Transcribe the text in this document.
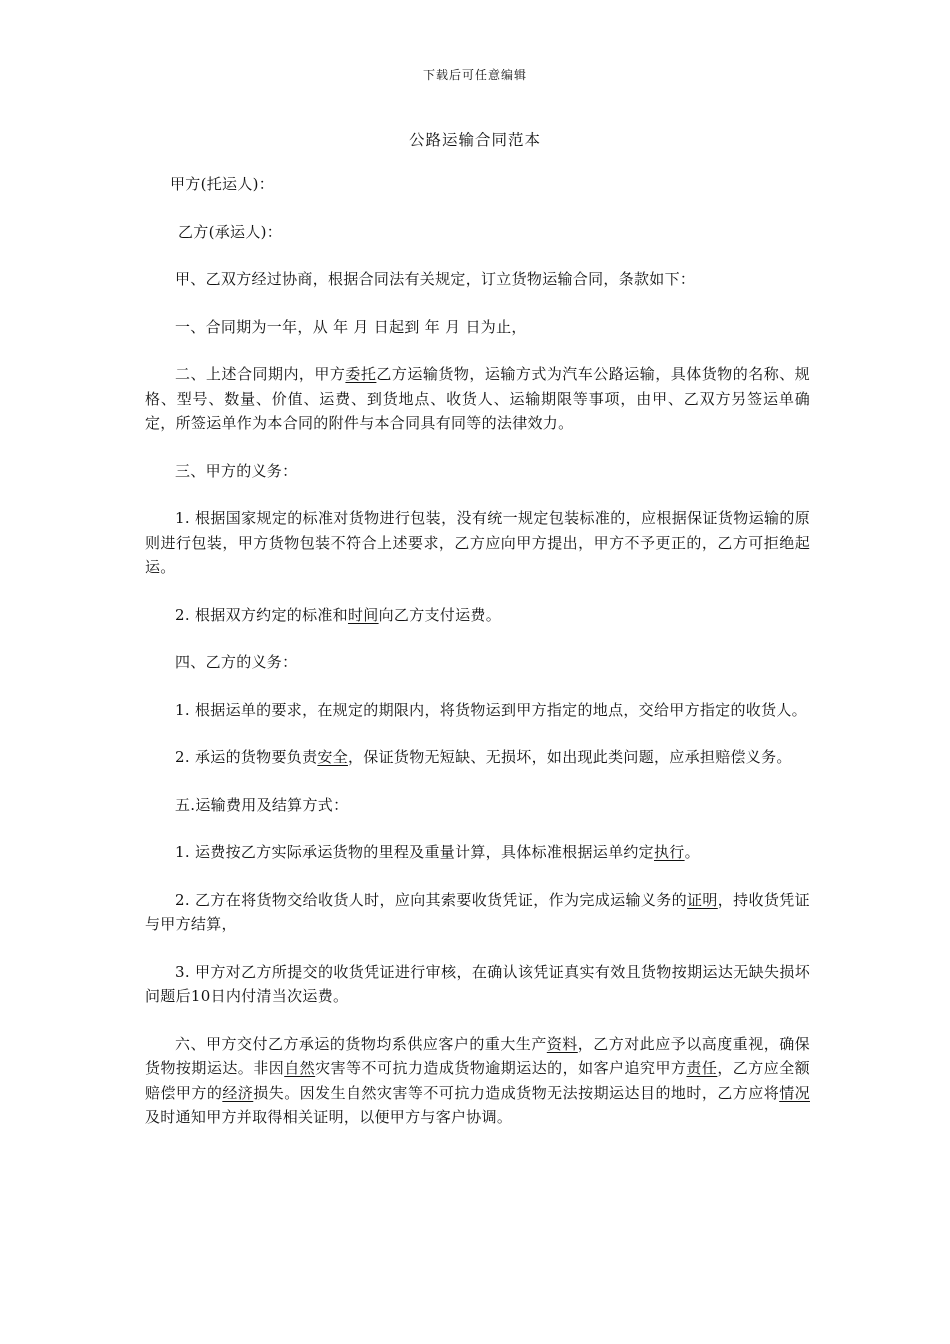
下载后可任意编辑
公路运输合同范本

甲方(托运人)：

乙方(承运人)：

甲、乙双方经过协商，根据合同法有关规定，订立货物运输合同，条款如下：

一、合同期为一年，从 年 月 日起到 年 月 日为止，

二、上述合同期内，甲方委托乙方运输货物，运输方式为汽车公路运输，具体货物的名称、规格、型号、数量、价值、运费、到货地点、收货人、运输期限等事项，由甲、乙双方另签运单确定，所签运单作为本合同的附件与本合同具有同等的法律效力。

三、甲方的义务：

1. 根据国家规定的标准对货物进行包装，没有统一规定包装标准的，应根据保证货物运输的原则进行包装，甲方货物包装不符合上述要求，乙方应向甲方提出，甲方不予更正的，乙方可拒绝起运。

2. 根据双方约定的标准和时间向乙方支付运费。

四、乙方的义务：

1. 根据运单的要求，在规定的期限内，将货物运到甲方指定的地点，交给甲方指定的收货人。

2. 承运的货物要负责安全，保证货物无短缺、无损坏，如出现此类问题，应承担赔偿义务。

五.运输费用及结算方式：

1. 运费按乙方实际承运货物的里程及重量计算，具体标准根据运单约定执行。

2. 乙方在将货物交给收货人时，应向其索要收货凭证，作为完成运输义务的证明，持收货凭证与甲方结算，

3. 甲方对乙方所提交的收货凭证进行审核，在确认该凭证真实有效且货物按期运达无缺失损坏问题后10日内付清当次运费。

六、甲方交付乙方承运的货物均系供应客户的重大生产资料，乙方对此应予以高度重视，确保货物按期运达。非因自然灾害等不可抗力造成货物逾期运达的，如客户追究甲方责任，乙方应全额赔偿甲方的经济损失。因发生自然灾害等不可抗力造成货物无法按期运达目的地时，乙方应将情况及时通知甲方并取得相关证明，以便甲方与客户协调。
